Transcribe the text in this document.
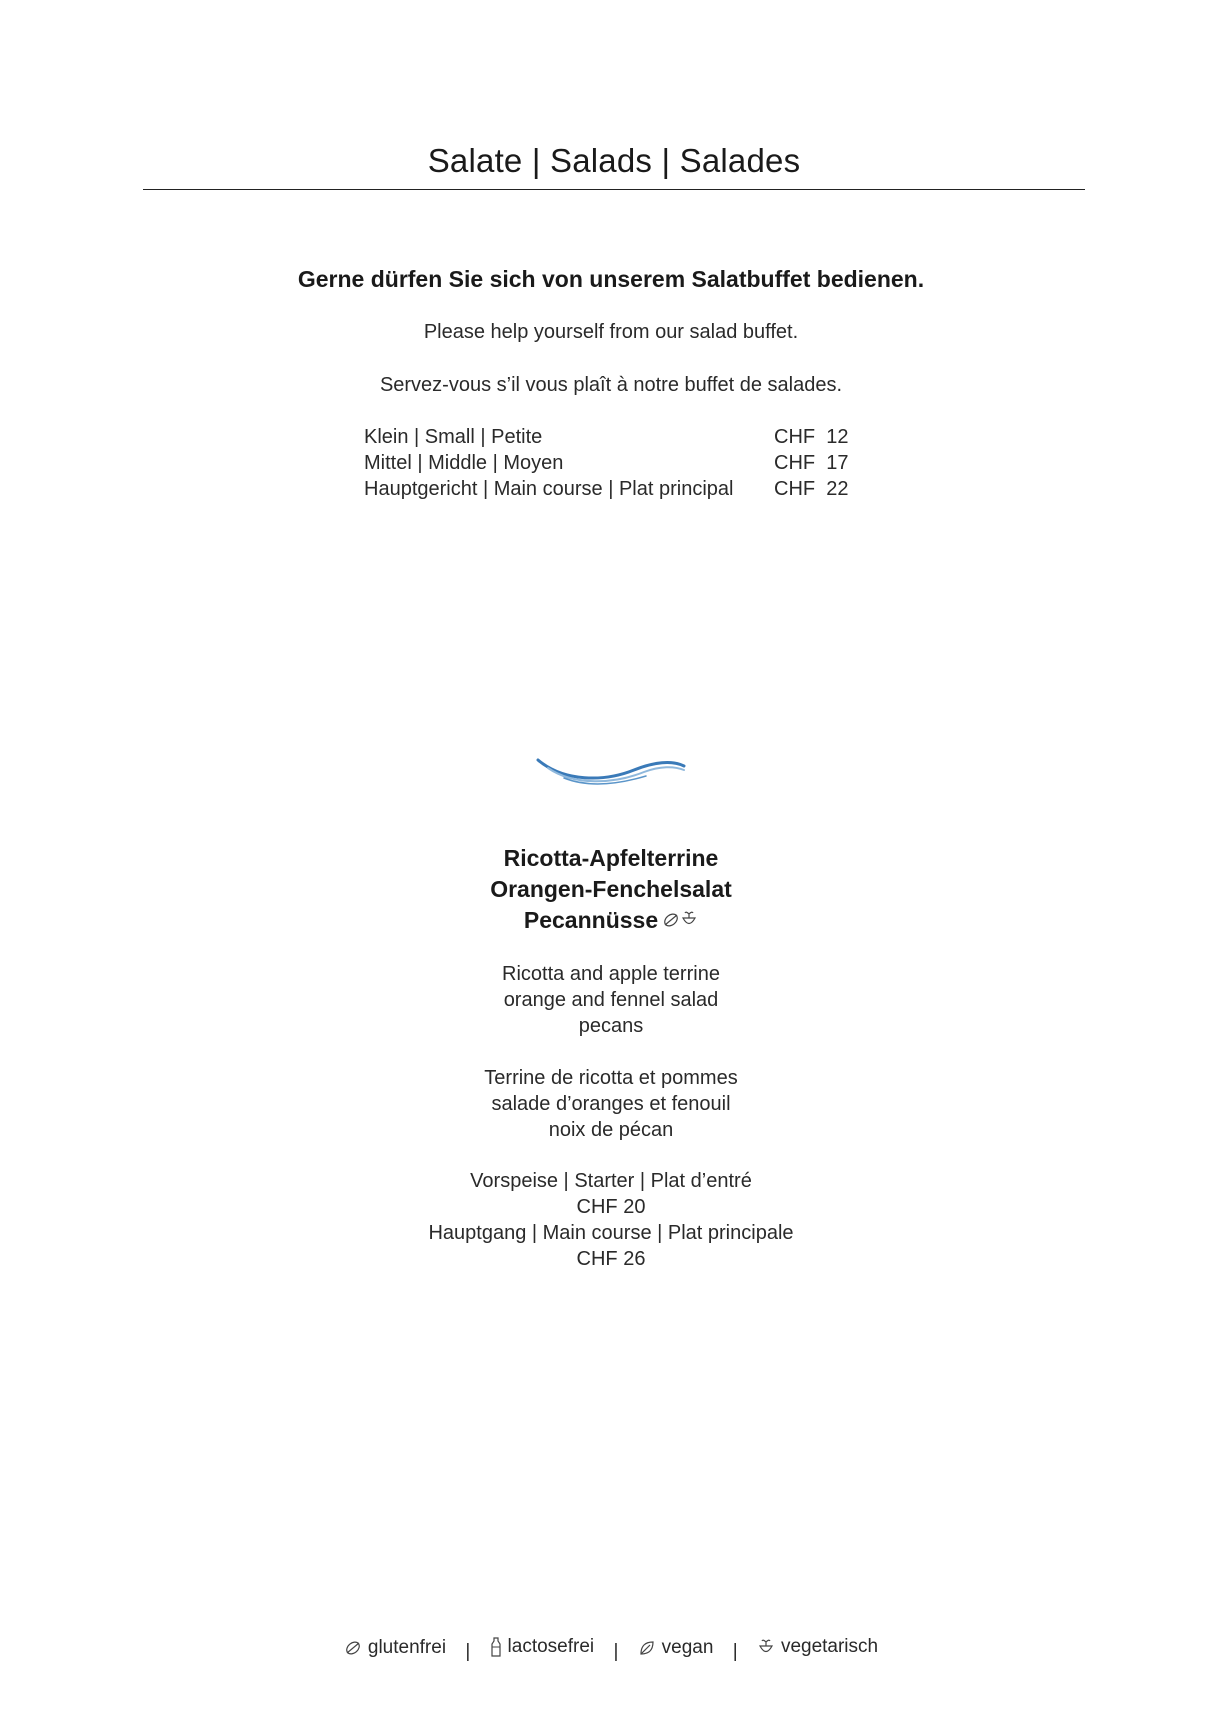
Salate | Salads | Salades
Gerne dürfen Sie sich von unserem Salatbuffet bedienen.
Please help yourself from our salad buffet.
Servez-vous s’il vous plaît à notre buffet de salades.
Klein | Small | Petite	CHF  12
Mittel | Middle | Moyen	CHF  17
Hauptgericht | Main course | Plat principal	CHF  22
Ricotta-Apfelterrine
Orangen-Fenchelsalat
Pecannüsse
Ricotta and apple terrine
orange and fennel salad
pecans
Terrine de ricotta et pommes
salade d’oranges et fenouil
noix de pécan
Vorspeise | Starter | Plat d’entré
CHF 20
Hauptgang | Main course | Plat principale
CHF 26
glutenfrei | lactosefrei | vegan | vegetarisch
